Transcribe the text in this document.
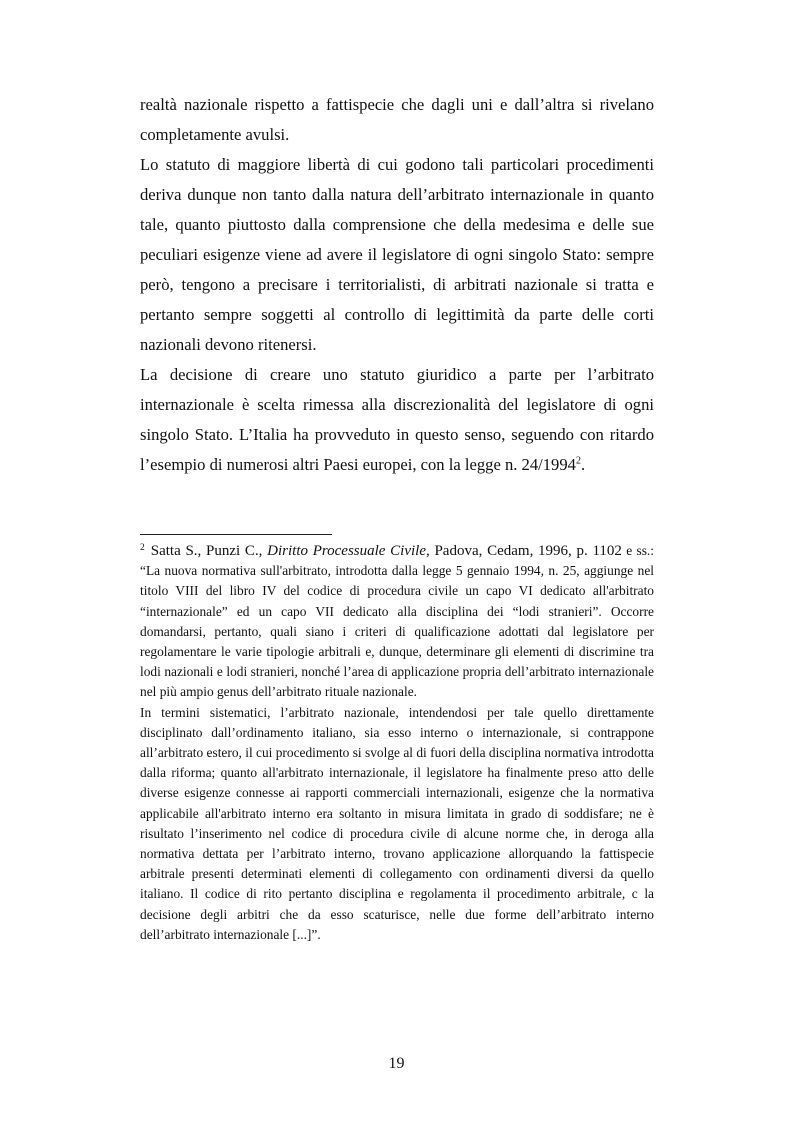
realtà nazionale rispetto a fattispecie che dagli uni e dall’altra si rivelano completamente avulsi.

Lo statuto di maggiore libertà di cui godono tali particolari procedimenti deriva dunque non tanto dalla natura dell’arbitrato internazionale in quanto tale, quanto piuttosto dalla comprensione che della medesima e delle sue peculiari esigenze viene ad avere il legislatore di ogni singolo Stato: sempre però, tengono a precisare i territorialisti, di arbitrati nazionale si tratta e pertanto sempre soggetti al controllo di legittimità da parte delle corti nazionali devono ritenersi.

La decisione di creare uno statuto giuridico a parte per l’arbitrato internazionale è scelta rimessa alla discrezionalità del legislatore di ogni singolo Stato. L’Italia ha provveduto in questo senso, seguendo con ritardo l’esempio di numerosi altri Paesi europei, con la legge n. 24/1994$^2$.

$^2$ Satta S., Punzi C., Diritto Processuale Civile, Padova, Cedam, 1996, p. 1102 e ss.: “La nuova normativa sull'arbitrato, introdotta dalla legge 5 gennaio 1994, n. 25, aggiunge nel titolo VIII del libro IV del codice di procedura civile un capo VI dedicato all'arbitrato “internazionale” ed un capo VII dedicato alla disciplina dei “lodi stranieri”. Occorre domandarsi, pertanto, quali siano i criteri di qualificazione adottati dal legislatore per regolamentare le varie tipologie arbitrali e, dunque, determinare gli elementi di discrimine tra lodi nazionali e lodi stranieri, nonché l’area di applicazione propria dell’arbitrato internazionale nel più ampio genus dell’arbitrato rituale nazionale.

In termini sistematici, l’arbitrato nazionale, intendendosi per tale quello direttamente disciplinato dall’ordinamento italiano, sia esso interno o internazionale, si contrappone all’arbitrato estero, il cui procedimento si svolge al di fuori della disciplina normativa introdotta dalla riforma; quanto all'arbitrato internazionale, il legislatore ha finalmente preso atto delle diverse esigenze connesse ai rapporti commerciali internazionali, esigenze che la normativa applicabile all'arbitrato interno era soltanto in misura limitata in grado di soddisfare; ne è risultato l’inserimento nel codice di procedura civile di alcune norme che, in deroga alla normativa dettata per l’arbitrato interno, trovano applicazione allorquando la fattispecie arbitrale presenti determinati elementi di collegamento con ordinamenti diversi da quello italiano. Il codice di rito pertanto disciplina e regolamenta il procedimento arbitrale, c la decisione degli arbitri che da esso scaturisce, nelle due forme dell’arbitrato interno dell’arbitrato internazionale [...]”.

19
